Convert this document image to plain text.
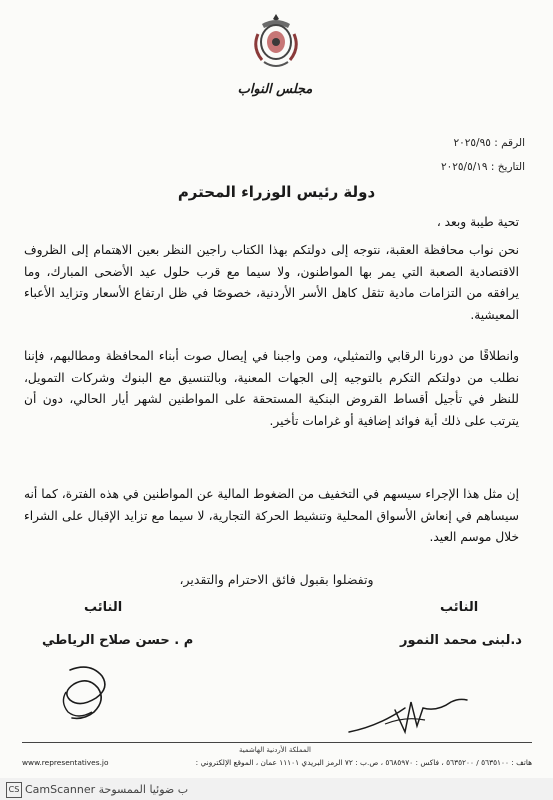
مجلس النواب
الرقم : ٢٠٢٥/٩٥
التاريخ : ٢٠٢٥/٥/١٩
دولة رئيس الوزراء المحترم
تحية طيبة وبعد ،
نحن نواب محافظة العقبة، نتوجه إلى دولتكم بهذا الكتاب راجين النظر بعين الاهتمام إلى الظروف الاقتصادية الصعبة التي يمر بها المواطنون، ولا سيما مع قرب حلول عيد الأضحى المبارك، وما يرافقه من التزامات مادية تثقل كاهل الأسر الأردنية، خصوصًا في ظل ارتفاع الأسعار وتزايد الأعباء المعيشية.
وانطلاقًا من دورنا الرقابي والتمثيلي، ومن واجبنا في إيصال صوت أبناء المحافظة ومطالبهم، فإننا نطلب من دولتكم التكرم بالتوجيه إلى الجهات المعنية، وبالتنسيق مع البنوك وشركات التمويل، للنظر في تأجيل أقساط القروض البنكية المستحقة على المواطنين لشهر أيار الحالي، دون أن يترتب على ذلك أية فوائد إضافية أو غرامات تأخير.
إن مثل هذا الإجراء سيسهم في التخفيف من الضغوط المالية عن المواطنين في هذه الفترة، كما أنه سيساهم في إنعاش الأسواق المحلية وتنشيط الحركة التجارية، لا سيما مع تزايد الإقبال على الشراء خلال موسم العيد.
وتفضلوا بقبول فائق الاحترام والتقدير،
النائب	النائب
م . حسن صلاح الرياطي	د.لبنى محمد النمور
المملكة الأردنية الهاشمية
هاتف : ٥٦٣٥١٠٠ / ٥٦٣٥٢٠٠ ، فاكس : ٥٦٨٥٩٧٠ ، ص.ب : ٧٢ الرمز البريدي ١١١٠١ عمان ، الموقع الإلكتروني :
www.representatives.jo
CS CamScanner ب ضوئيا الممسوحة
